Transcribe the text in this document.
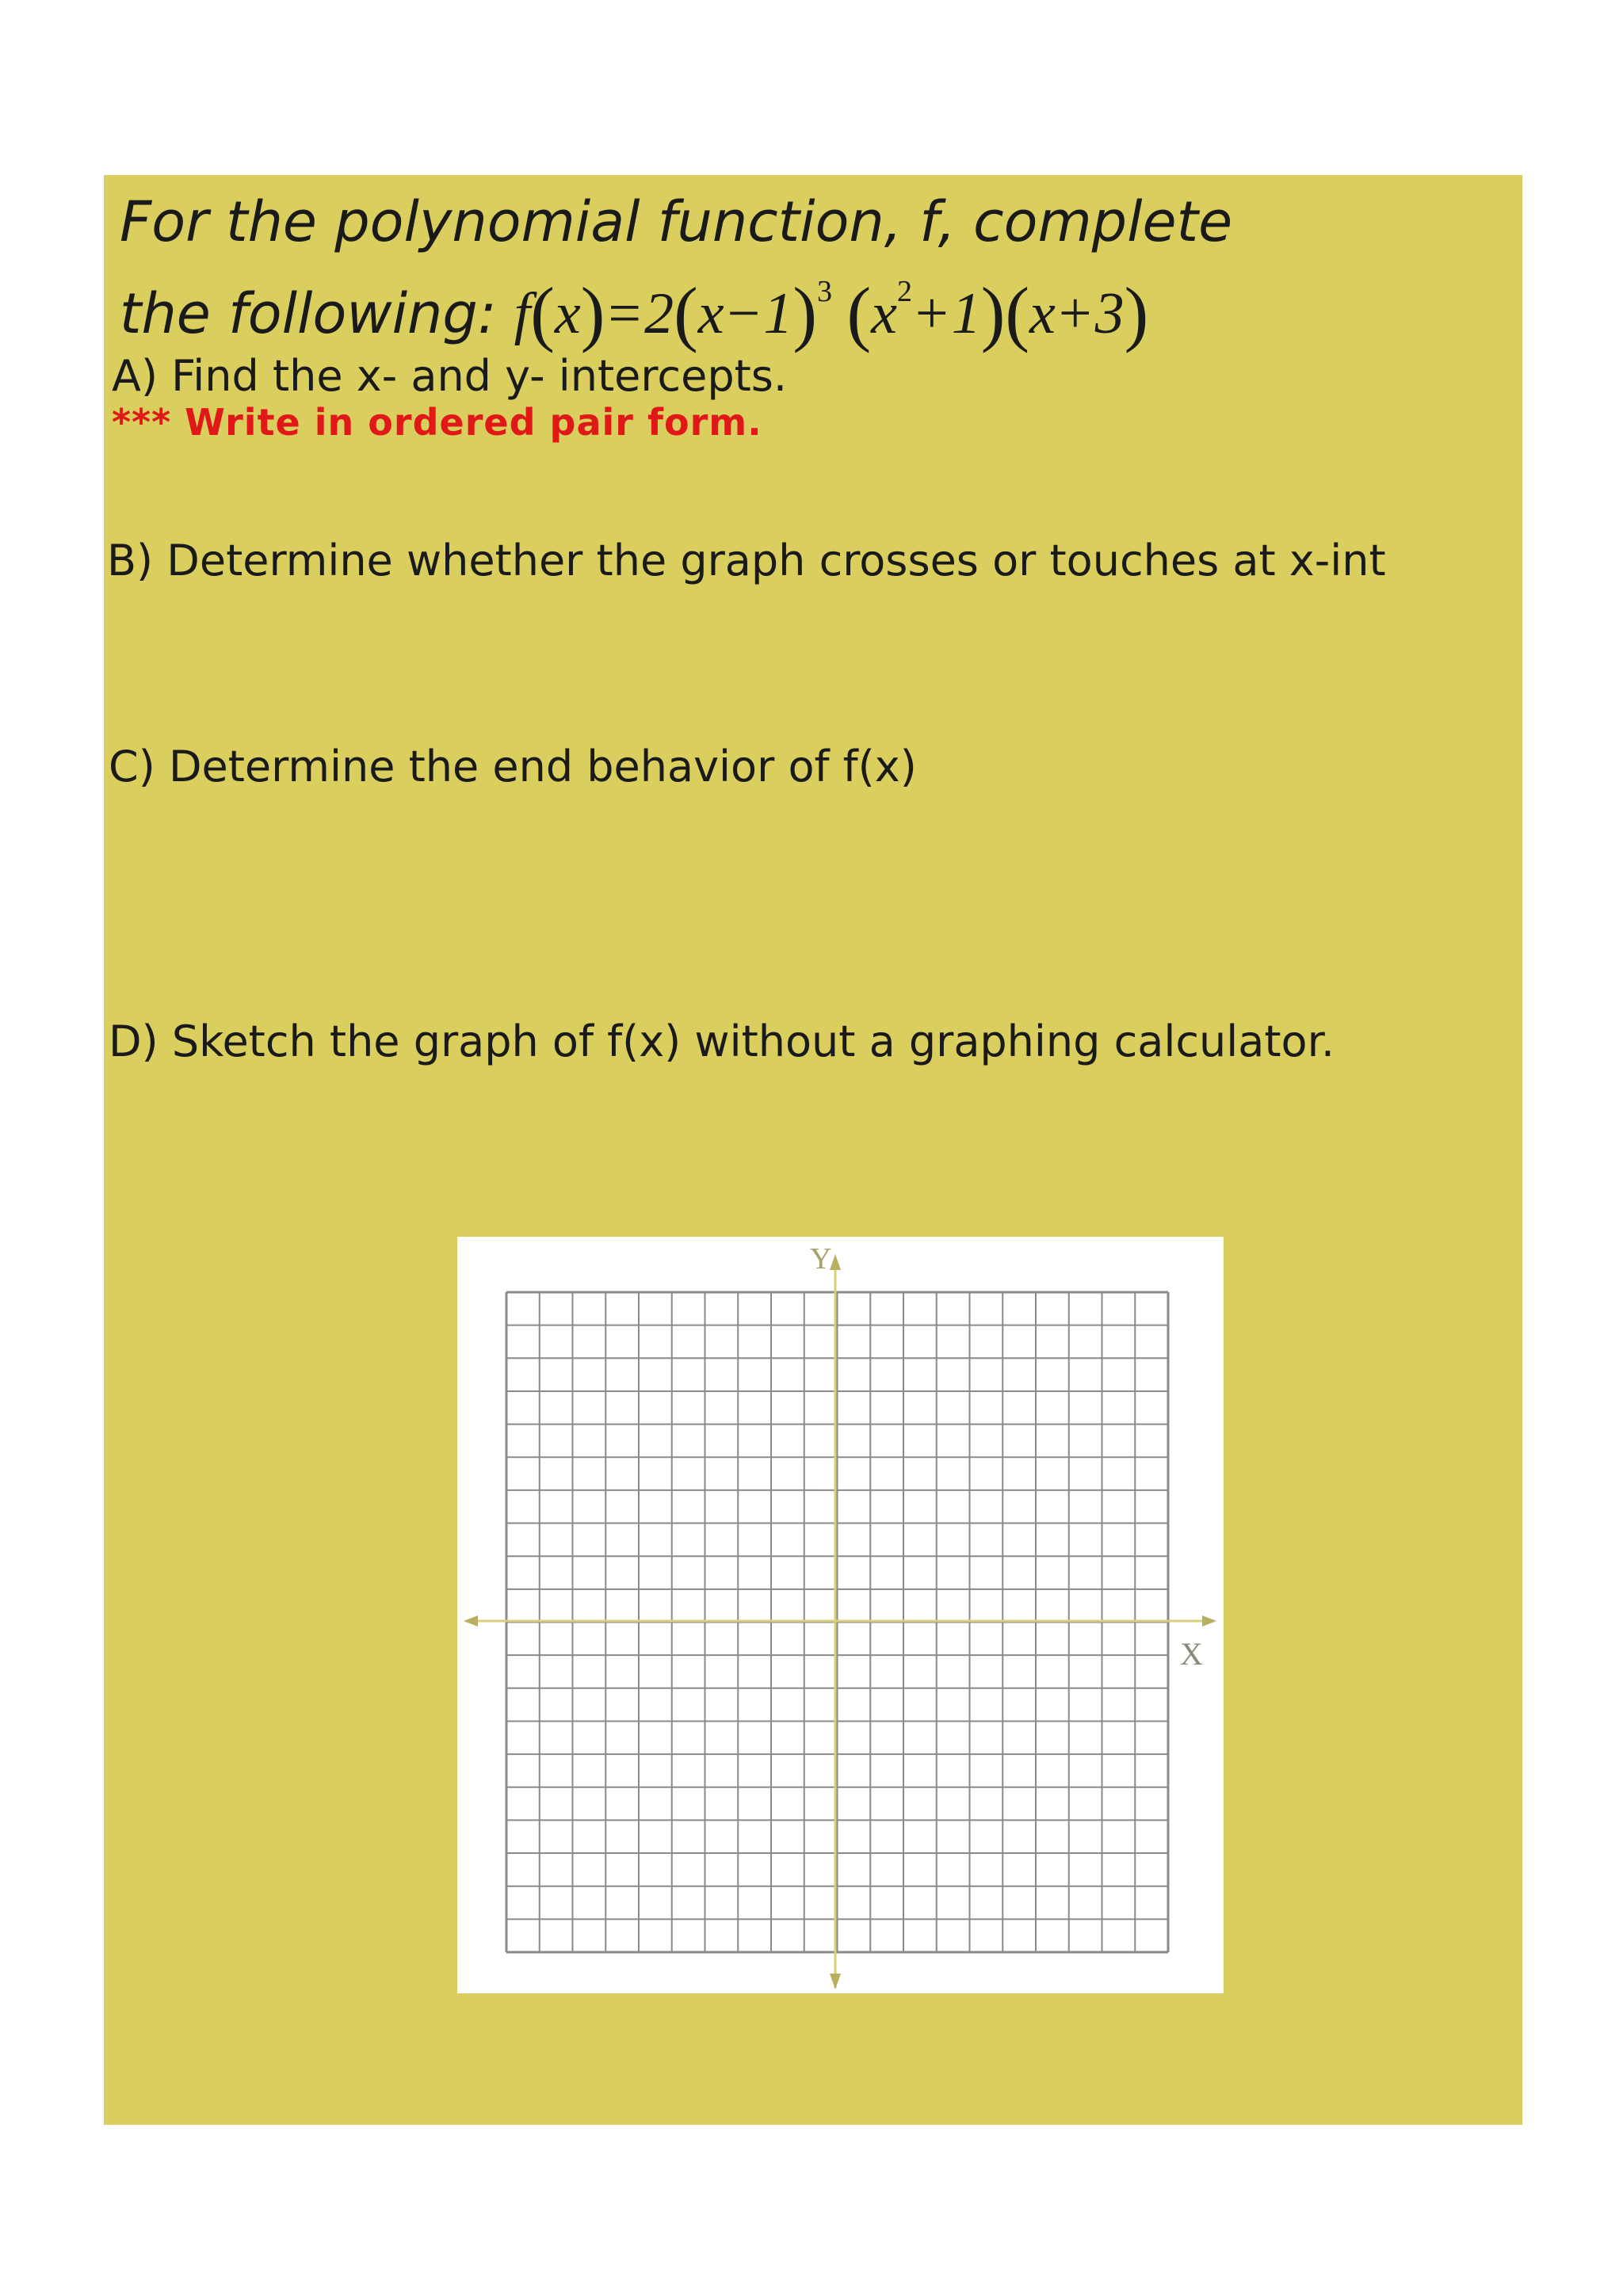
For the polynomial function, f, complete
the following: $f(x)=2(x-1)^3$ $(x^2+1)(x+3)$

A) Find the x- and y- intercepts.

*** Write in ordered pair form.

B) Determine whether the graph crosses or touches at x-int

C) Determine the end behavior of f(x)

D) Sketch the graph of f(x) without a graphing calculator.

Y
X
